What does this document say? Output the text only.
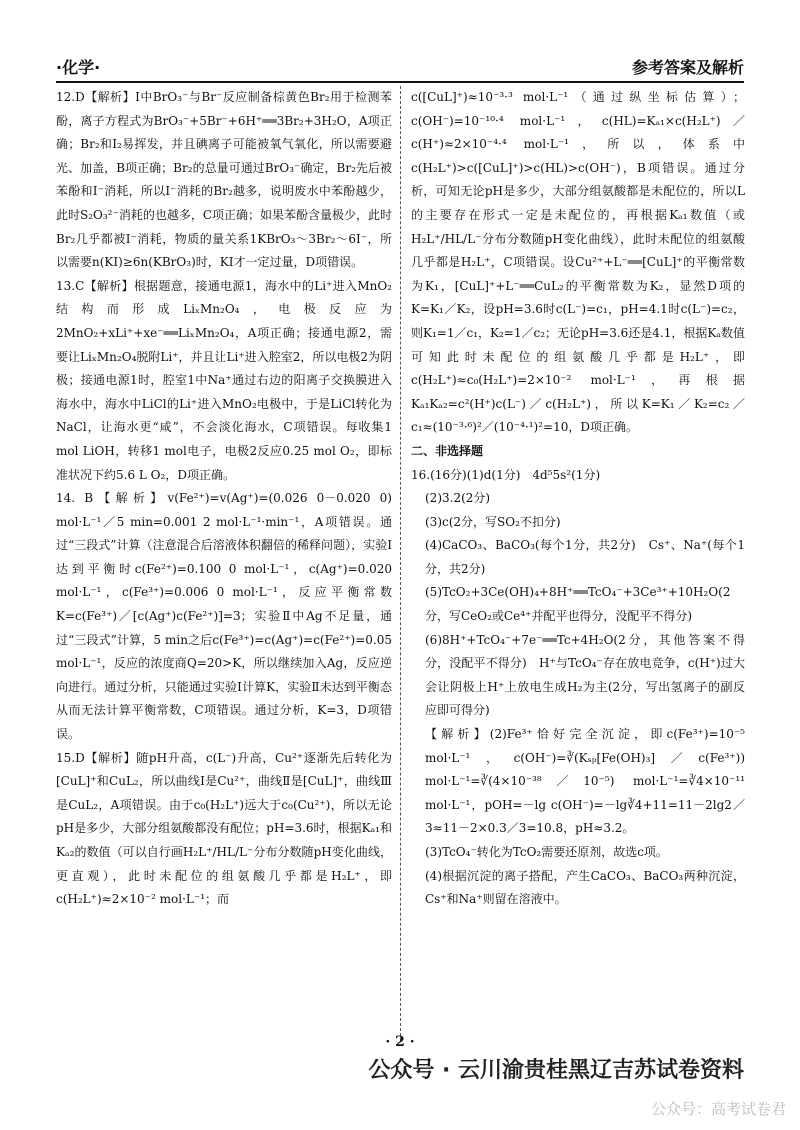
·化学·	参考答案及解析

12.D【解析】Ⅰ中BrO₃⁻与Br⁻反应制备棕黄色Br₂用于检测苯酚，离子方程式为BrO₃⁻+5Br⁻+6H⁺══3Br₂+3H₂O，A项正确；Br₂和I₂易挥发，并且碘离子可能被氧气氧化，所以需要避光、加盖，B项正确；Br₂的总量可通过BrO₃⁻确定，Br₂先后被苯酚和I⁻消耗，所以I⁻消耗的Br₂越多，说明废水中苯酚越少，此时S₂O₃²⁻消耗的也越多，C项正确；如果苯酚含量极少，此时Br₂几乎都被I⁻消耗，物质的量关系1KBrO₃～3Br₂～6I⁻，所以需要n(KI)≥6n(KBrO₃)时，KI才一定过量，D项错误。

13.C【解析】根据题意，接通电源1，海水中的Li⁺进入MnO₂结构而形成LiₓMn₂O₄，电极反应为2MnO₂+xLi⁺+xe⁻══LiₓMn₂O₄，A项正确；接通电源2，需要让LiₓMn₂O₄脱附Li⁺，并且让Li⁺进入腔室2，所以电极2为阴极；接通电源1时，腔室1中Na⁺通过右边的阳离子交换膜进入海水中，海水中LiCl的Li⁺进入MnO₂电极中，于是LiCl转化为NaCl，让海水更“咸”，不会淡化海水，C项错误。每收集1 mol LiOH，转移1 mol电子，电极2反应0.25 mol O₂，即标准状况下约5.6 L O₂，D项正确。

14. B【解析】v(Fe²⁺)=v(Ag⁺)=(0.026 0－0.020 0) mol·L⁻¹／5 min=0.001 2 mol·L⁻¹·min⁻¹，A项错误。通过“三段式”计算（注意混合后溶液体积翻倍的稀释问题），实验Ⅰ达到平衡时c(Fe²⁺)=0.100 0 mol·L⁻¹，c(Ag⁺)=0.020 mol·L⁻¹，c(Fe³⁺)=0.006 0 mol·L⁻¹，反应平衡常数K=c(Fe³⁺)／[c(Ag⁺)c(Fe²⁺)]=3；实验Ⅱ中Ag不足量，通过“三段式”计算，5 min之后c(Fe³⁺)=c(Ag⁺)=c(Fe²⁺)=0.05 mol·L⁻¹，反应的浓度商Q=20>K，所以继续加入Ag，反应逆向进行。通过分析，只能通过实验Ⅰ计算K，实验Ⅱ未达到平衡态从而无法计算平衡常数，C项错误。通过分析，K=3，D项错误。

15.D【解析】随pH升高，c(L⁻)升高，Cu²⁺逐渐先后转化为[CuL]⁺和CuL₂，所以曲线Ⅰ是Cu²⁺，曲线Ⅱ是[CuL]⁺，曲线Ⅲ是CuL₂，A项错误。由于c₀(H₂L⁺)远大于c₀(Cu²⁺)，所以无论pH是多少，大部分组氨酸都没有配位；pH=3.6时，根据Kₐ₁和Kₐ₂的数值（可以自行画H₂L⁺/HL/L⁻分布分数随pH变化曲线，更直观），此时未配位的组氨酸几乎都是H₂L⁺，即c(H₂L⁺)≈2×10⁻² mol·L⁻¹；而

c([CuL]⁺)≈10⁻³·³ mol·L⁻¹（通过纵坐标估算）；c(OH⁻)=10⁻¹⁰·⁴ mol·L⁻¹，c(HL)=Kₐ₁×c(H₂L⁺)／c(H⁺)≈2×10⁻⁴·⁴ mol·L⁻¹，所以，体系中c(H₂L⁺)>c([CuL]⁺)>c(HL)>c(OH⁻)，B项错误。通过分析，可知无论pH是多少，大部分组氨酸都是未配位的，所以L的主要存在形式一定是未配位的，再根据Kₐ₁数值（或H₂L⁺/HL/L⁻分布分数随pH变化曲线），此时未配位的组氨酸几乎都是H₂L⁺，C项错误。设Cu²⁺+L⁻══[CuL]⁺的平衡常数为K₁，[CuL]⁺+L⁻══CuL₂的平衡常数为K₂，显然D项的K=K₁／K₂，设pH=3.6时c(L⁻)=c₁，pH=4.1时c(L⁻)=c₂，则K₁=1／c₁，K₂=1／c₂；无论pH=3.6还是4.1，根据Kₐ数值可知此时未配位的组氨酸几乎都是H₂L⁺，即c(H₂L⁺)≈c₀(H₂L⁺)=2×10⁻² mol·L⁻¹，再根据Kₐ₁Kₐ₂=c²(H⁺)c(L⁻)／c(H₂L⁺)，所以K=K₁／K₂=c₂／c₁≈(10⁻³·⁶)²／(10⁻⁴·¹)²=10，D项正确。

二、非选择题

16.(16分)(1)d(1分)　4d⁵5s²(1分)

(2)3.2(2分)

(3)c(2分，写SO₂不扣分)

(4)CaCO₃、BaCO₃(每个1分，共2分)　Cs⁺、Na⁺(每个1分，共2分)

(5)TcO₂+3Ce(OH)₄+8H⁺══TcO₄⁻+3Ce³⁺+10H₂O(2分，写CeO₂或Ce⁴⁺并配平也得分，没配平不得分)

(6)8H⁺+TcO₄⁻+7e⁻══Tc+4H₂O(2分，其他答案不得分，没配平不得分)　H⁺与TcO₄⁻存在放电竞争，c(H⁺)过大会让阴极上H⁺上放电生成H₂为主(2分，写出氢离子的副反应即可得分)

【解析】(2)Fe³⁺恰好完全沉淀，即c(Fe³⁺)=10⁻⁵ mol·L⁻¹，c(OH⁻)=∛(Kₛₚ[Fe(OH)₃]／c(Fe³⁺)) mol·L⁻¹=∛(4×10⁻³⁸／10⁻⁵) mol·L⁻¹=∛4×10⁻¹¹ mol·L⁻¹，pOH=－lg c(OH⁻)=－lg∛4+11=11－2lg2／3≈11－2×0.3／3=10.8，pH≈3.2。

(3)TcO₄⁻转化为TcO₂需要还原剂，故选c项。

(4)根据沉淀的离子搭配，产生CaCO₃、BaCO₃两种沉淀，Cs⁺和Na⁺则留在溶液中。

· 2 ·
公众号 · 云川渝贵桂黑辽吉苏试卷资料
公众号：高考试卷君
